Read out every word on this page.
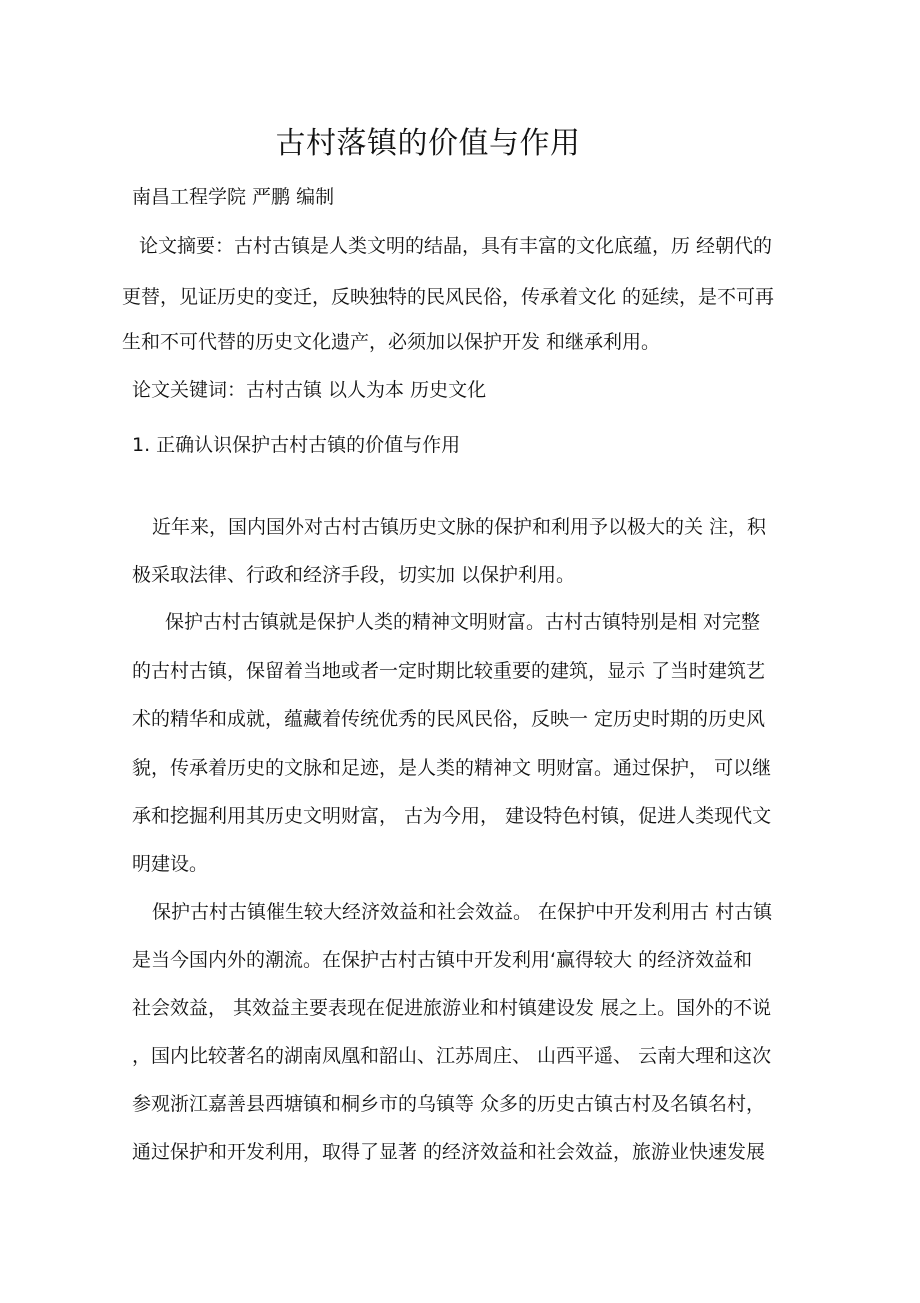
古村落镇的价值与作用
南昌工程学院 严鹏 编制
论文摘要：古村古镇是人类文明的结晶，具有丰富的文化底蕴，历 经朝代的
更替，见证历史的变迁，反映独特的民风民俗，传承着文化 的延续，是不可再
生和不可代替的历史文化遗产，必须加以保护开发 和继承利用。
论文关键词：古村古镇 以人为本 历史文化
1. 正确认识保护古村古镇的价值与作用
近年来，国内国外对古村古镇历史文脉的保护和利用予以极大的关 注，积
极采取法律、行政和经济手段，切实加 以保护利用。
保护古村古镇就是保护人类的精神文明财富。古村古镇特别是相 对完整
的古村古镇，保留着当地或者一定时期比较重要的建筑，显示 了当时建筑艺
术的精华和成就，蕴藏着传统优秀的民风民俗，反映一 定历史时期的历史风
貌，传承着历史的文脉和足迹，是人类的精神文 明财富。通过保护， 可以继
承和挖掘利用其历史文明财富， 古为今用， 建设特色村镇，促进人类现代文
明建设。
保护古村古镇催生较大经济效益和社会效益。 在保护中开发利用古 村古镇
是当今国内外的潮流。在保护古村古镇中开发利用‘赢得较大 的经济效益和
社会效益， 其效益主要表现在促进旅游业和村镇建设发 展之上。国外的不说
，国内比较著名的湖南凤凰和韶山、江苏周庄、 山西平遥、 云南大理和这次
参观浙江嘉善县西塘镇和桐乡市的乌镇等 众多的历史古镇古村及名镇名村，
通过保护和开发利用，取得了显著 的经济效益和社会效益，旅游业快速发展
